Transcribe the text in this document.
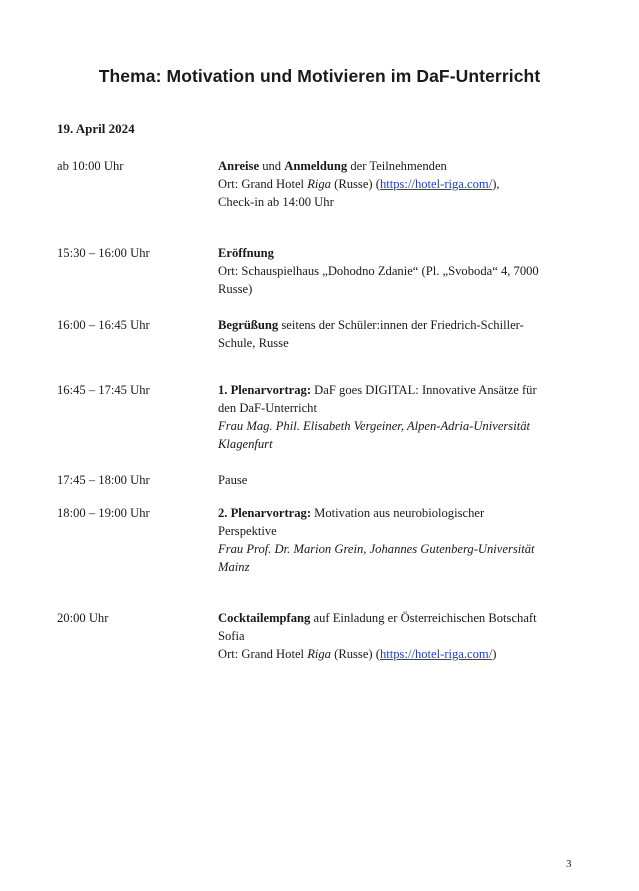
Thema: Motivation und Motivieren im DaF-Unterricht
19. April 2024
ab 10:00 Uhr	Anreise und Anmeldung der Teilnehmenden
Ort: Grand Hotel Riga (Russe) (https://hotel-riga.com/),
Check-in ab 14:00 Uhr
15:30 – 16:00 Uhr	Eröffnung
Ort: Schauspielhaus „Dohodno Zdanie“ (Pl. „Svoboda“ 4, 7000
Russe)
16:00 – 16:45 Uhr	Begrüßung seitens der Schüler:innen der Friedrich-Schiller-
Schule, Russe
16:45 – 17:45 Uhr	1. Plenarvortrag: DaF goes DIGITAL: Innovative Ansätze für
den DaF-Unterricht
Frau Mag. Phil. Elisabeth Vergeiner, Alpen-Adria-Universität
Klagenfurt
17:45 – 18:00 Uhr	Pause
18:00 – 19:00 Uhr	2. Plenarvortrag: Motivation aus neurobiologischer
Perspektive
Frau Prof. Dr. Marion Grein, Johannes Gutenberg-Universität
Mainz
20:00 Uhr	Cocktailempfang auf Einladung er Österreichischen Botschaft
Sofia
Ort: Grand Hotel Riga (Russe) (https://hotel-riga.com/)
3
